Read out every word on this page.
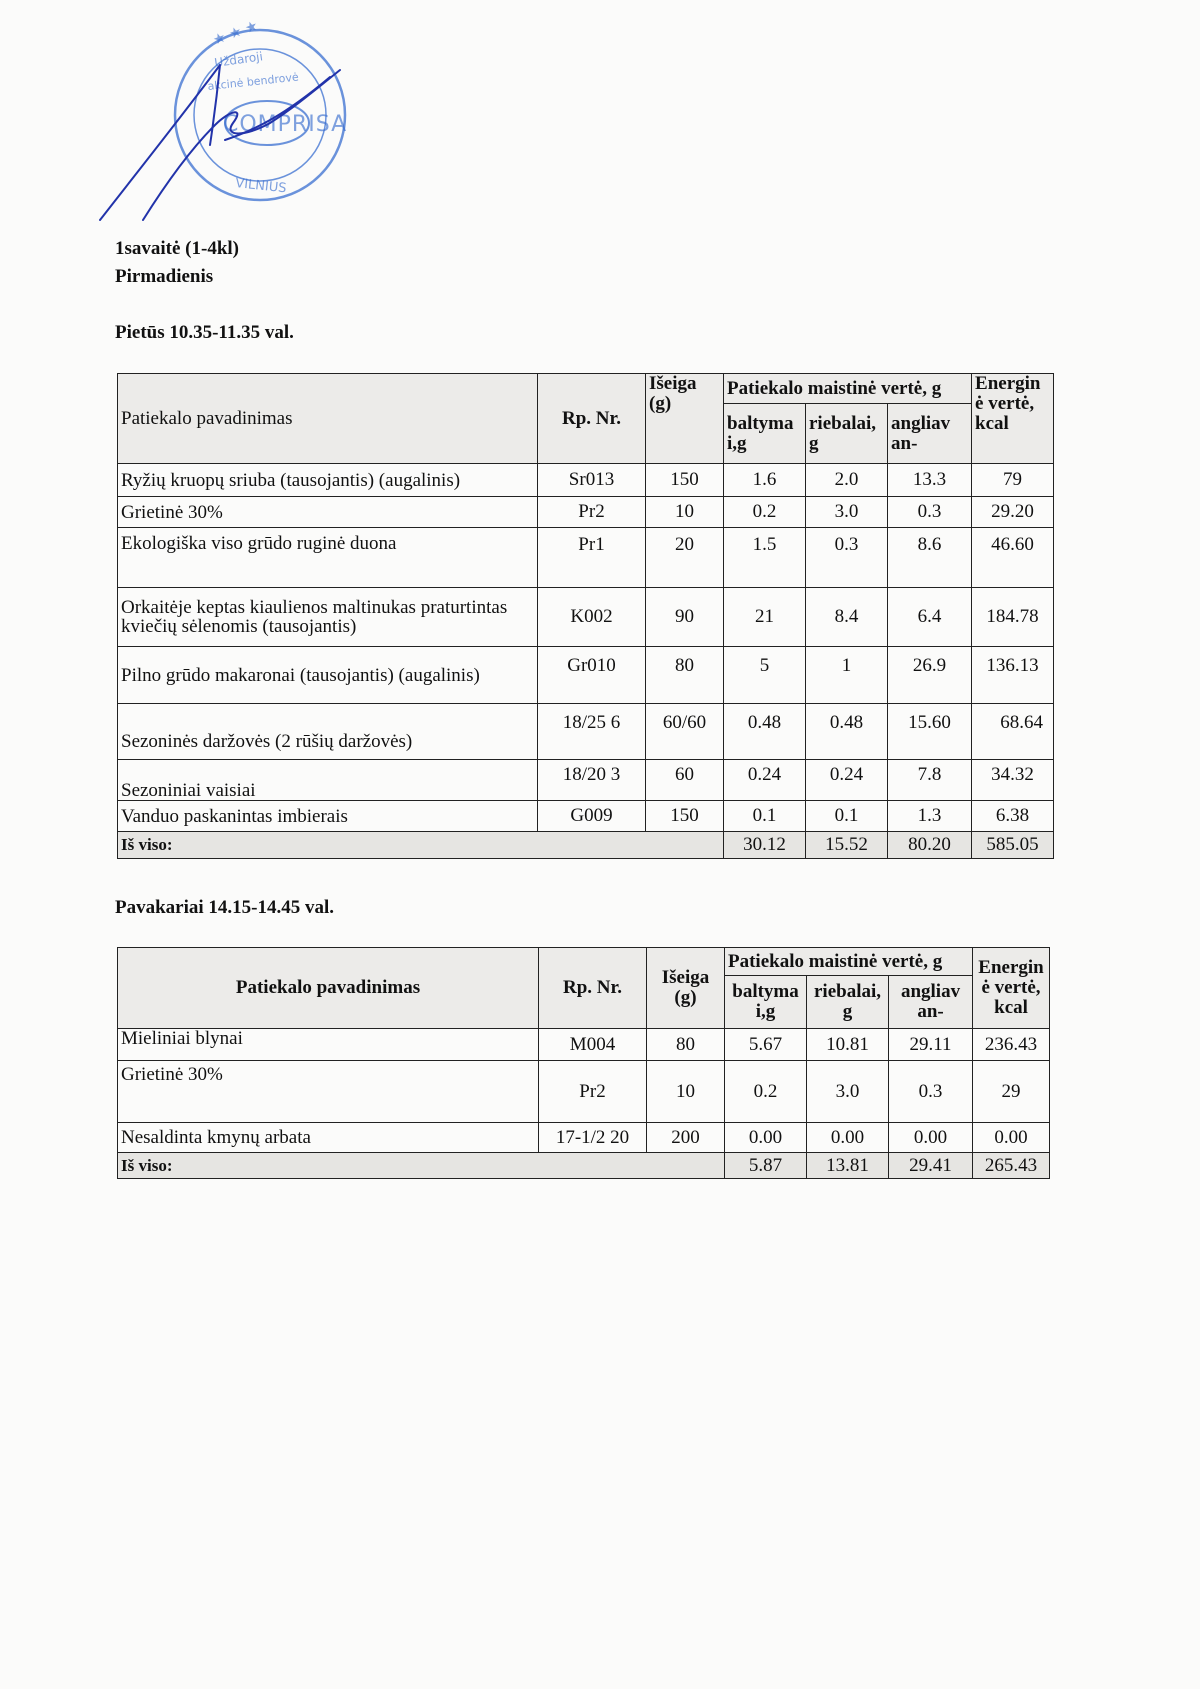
Uždaroji
akcinė bendrovė
COMPRISA
VILNIUS
★ ★ ★
1savaitė (1-4kl)
Pirmadienis
Pietūs 10.35-11.35 val.
Patiekalo pavadinimas	Rp. Nr.	Išeiga (g)	Patiekalo maistinė vertė, g			Energin ė vertė, kcal
			baltyma i,g	riebalai, g	angliav an-	
Ryžių kruopų sriuba (tausojantis) (augalinis)	Sr013	150	1.6	2.0	13.3	79
Grietinė 30%	Pr2	10	0.2	3.0	0.3	29.20
Ekologiška viso grūdo ruginė duona	Pr1	20	1.5	0.3	8.6	46.60
Orkaitėje keptas kiaulienos maltinukas praturtintas kviečių sėlenomis (tausojantis)	K002	90	21	8.4	6.4	184.78
Pilno grūdo makaronai (tausojantis) (augalinis)	Gr010	80	5	1	26.9	136.13
Sezoninės daržovės (2 rūšių daržovės)	18/25 6	60/60	0.48	0.48	15.60	68.64
Sezoniniai vaisiai	18/20 3	60	0.24	0.24	7.8	34.32
Vanduo paskanintas imbierais	G009	150	0.1	0.1	1.3	6.38
Iš viso:			30.12	15.52	80.20	585.05
Pavakariai 14.15-14.45 val.
Patiekalo pavadinimas	Rp. Nr.	Išeiga (g)	Patiekalo maistinė vertė, g			Energin ė vertė, kcal
			baltyma i,g	riebalai, g	angliav an-	
Mieliniai blynai	M004	80	5.67	10.81	29.11	236.43
Grietinė 30%	Pr2	10	0.2	3.0	0.3	29
Nesaldinta kmynų arbata	17-1/2 20	200	0.00	0.00	0.00	0.00
Iš viso:			5.87	13.81	29.41	265.43
